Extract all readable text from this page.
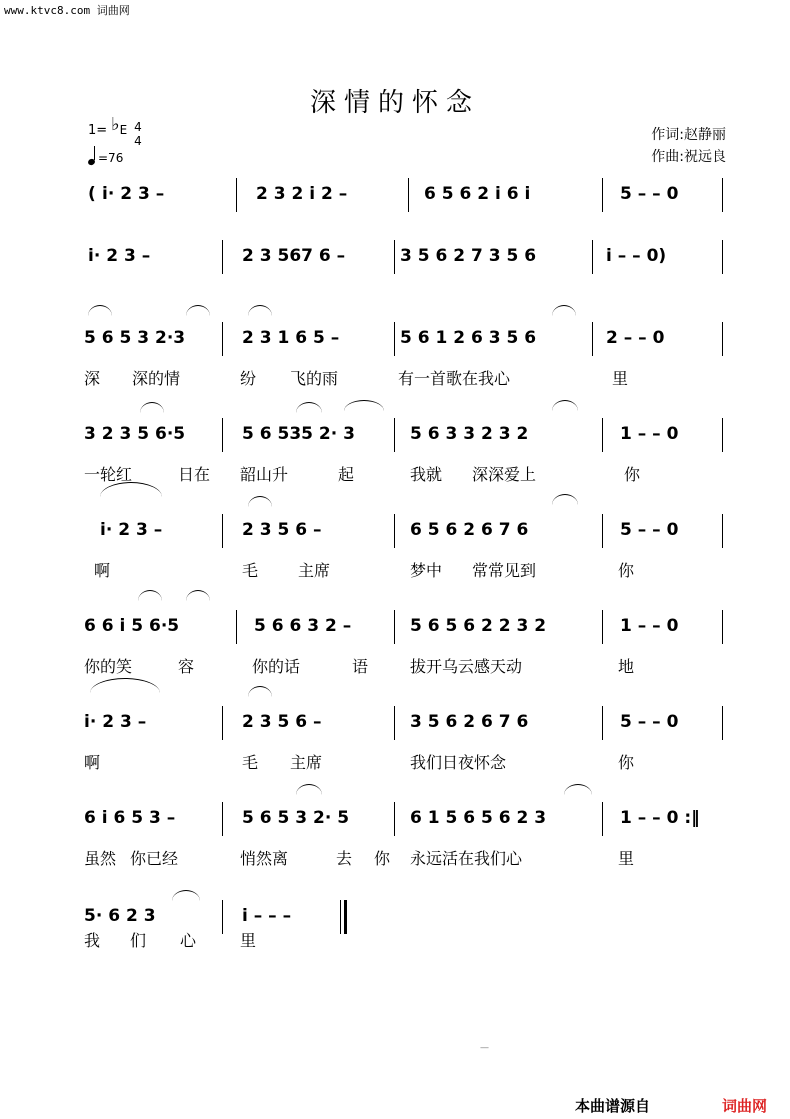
www.ktvc8.com 词曲网
深情的怀念
1= ♭E 4
4
=76
作词:赵静丽
作曲:祝远良
( i· 2 3 –	2 3 2 i 2 –	6 5 6 2 i 6 i	5 – – 0
i· 2 3 –	2 3 567 6 –	3 5 6 2 7 3 5 6	i – – 0)
5 6 5 3 2·3	2 3 1 6 5 –	5 6 1 2 6 3 5 6	2 – – 0
深 深的情	纷 飞的雨	有一首歌在我心	里
3 2 3 5 6·5	5 6 535 2· 3	5 6 3 3 2 3 2	1 – – 0
一轮红	日在 韶山升	起	我就 深深爱上	你
i· 2 3 –	2 3 5 6 –	6 5 6 2 6 7 6	5 – – 0
啊	毛 主席	梦中 常常见到	你
6 6 i 5 6·5	5 6 6 3 2 –	5 6 5 6 2 2 3 2	1 – – 0
你的笑	容	你的话	语	拔开乌云感天动	地
i· 2 3 –	2 3 5 6 –	3 5 6 2 6 7 6	5 – – 0
啊	毛 主席	我们日夜怀念	你
6 i 6 5 3 –	5 6 5 3 2· 5	6 1 5 6 5 6 2 3	1 – – 0 :‖
虽然 你已经	悄然离	去 你 永远活在我们心	里
5· 6 2 3	i – – –
我 们 心	里
—
本曲谱源自	词曲网
